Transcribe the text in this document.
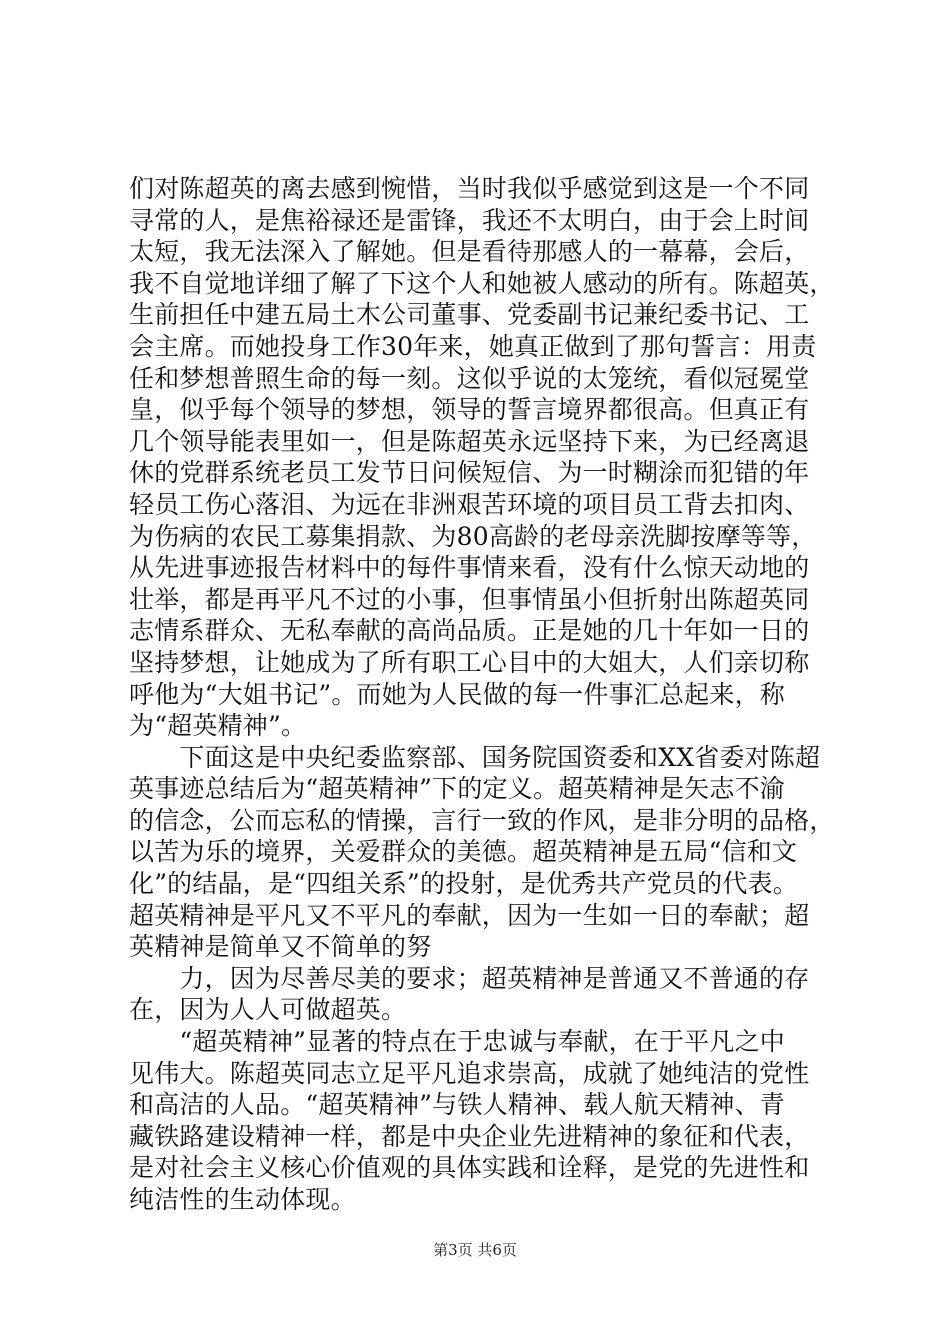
们对陈超英的离去感到惋惜，当时我似乎感觉到这是一个不同
寻常的人，是焦裕禄还是雷锋，我还不太明白，由于会上时间
太短，我无法深入了解她。但是看待那感人的一幕幕，会后，
我不自觉地详细了解了下这个人和她被人感动的所有。陈超英，
生前担任中建五局土木公司董事、党委副书记兼纪委书记、工
会主席。而她投身工作30年来，她真正做到了那句誓言：用责
任和梦想普照生命的每一刻。这似乎说的太笼统，看似冠冕堂
皇，似乎每个领导的梦想，领导的誓言境界都很高。但真正有
几个领导能表里如一，但是陈超英永远坚持下来，为已经离退
休的党群系统老员工发节日问候短信、为一时糊涂而犯错的年
轻员工伤心落泪、为远在非洲艰苦环境的项目员工背去扣肉、
为伤病的农民工募集捐款、为80高龄的老母亲洗脚按摩等等，
从先进事迹报告材料中的每件事情来看，没有什么惊天动地的
壮举，都是再平凡不过的小事，但事情虽小但折射出陈超英同
志情系群众、无私奉献的高尚品质。正是她的几十年如一日的
坚持梦想，让她成为了所有职工心目中的大姐大，人们亲切称
呼他为“大姐书记”。而她为人民做的每一件事汇总起来，称
为“超英精神”。
　　下面这是中央纪委监察部、国务院国资委和XX省委对陈超
英事迹总结后为“超英精神”下的定义。超英精神是矢志不渝
的信念，公而忘私的情操，言行一致的作风，是非分明的品格，
以苦为乐的境界，关爱群众的美德。超英精神是五局“信和文
化”的结晶，是“四组关系”的投射，是优秀共产党员的代表。
超英精神是平凡又不平凡的奉献，因为一生如一日的奉献；超
英精神是简单又不简单的努
　　力，因为尽善尽美的要求；超英精神是普通又不普通的存
在，因为人人可做超英。
　　“超英精神”显著的特点在于忠诚与奉献，在于平凡之中
见伟大。陈超英同志立足平凡追求崇高，成就了她纯洁的党性
和高洁的人品。“超英精神”与铁人精神、载人航天精神、青
藏铁路建设精神一样，都是中央企业先进精神的象征和代表，
是对社会主义核心价值观的具体实践和诠释，是党的先进性和
纯洁性的生动体现。
第3页 共6页
